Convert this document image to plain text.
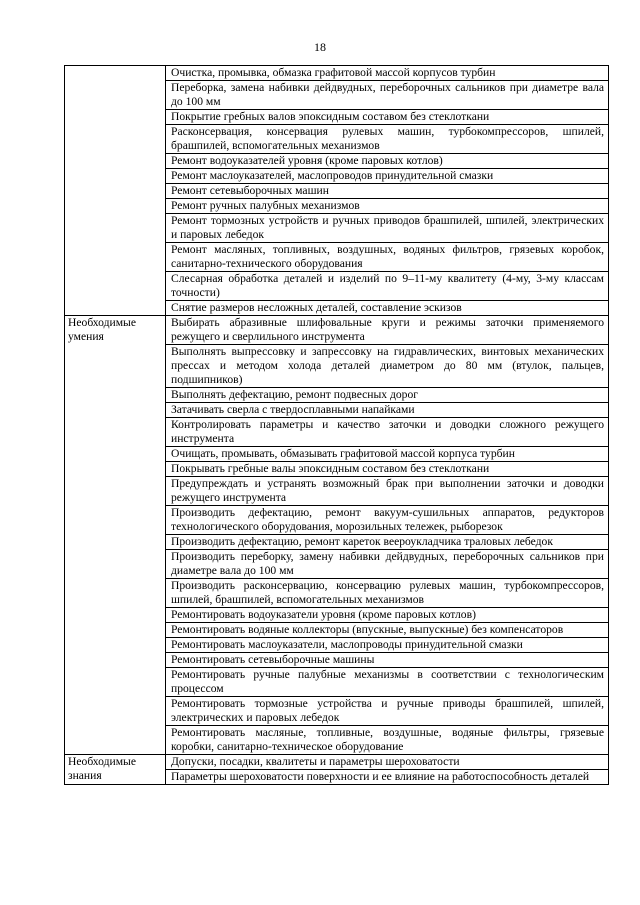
18
	Очистка, промывка, обмазка графитовой массой корпусов турбин
	Переборка, замена набивки дейдвудных, переборочных сальников при диаметре вала до 100 мм
	Покрытие гребных валов эпоксидным составом без стеклоткани
	Расконсервация, консервация рулевых машин, турбокомпрессоров, шпилей, брашпилей, вспомогательных механизмов
	Ремонт водоуказателей уровня (кроме паровых котлов)
	Ремонт маслоуказателей, маслопроводов принудительной смазки
	Ремонт сетевыборочных машин
	Ремонт ручных палубных механизмов
	Ремонт тормозных устройств и ручных приводов брашпилей, шпилей, электрических и паровых лебедок
	Ремонт масляных, топливных, воздушных, водяных фильтров, грязевых коробок, санитарно-технического оборудования
	Слесарная обработка деталей и изделий по 9–11-му квалитету (4-му, 3-му классам точности)
	Снятие размеров несложных деталей, составление эскизов
Необходимые умения	Выбирать абразивные шлифовальные круги и режимы заточки применяемого режущего и сверлильного инструмента
	Выполнять выпрессовку и запрессовку на гидравлических, винтовых механических прессах и методом холода деталей диаметром до 80 мм (втулок, пальцев, подшипников)
	Выполнять дефектацию, ремонт подвесных дорог
	Затачивать сверла с твердосплавными напайками
	Контролировать параметры и качество заточки и доводки сложного режущего инструмента
	Очищать, промывать, обмазывать графитовой массой корпуса турбин
	Покрывать гребные валы эпоксидным составом без стеклоткани
	Предупреждать и устранять возможный брак при выполнении заточки и доводки режущего инструмента
	Производить дефектацию, ремонт вакуум-сушильных аппаратов, редукторов технологического оборудования, морозильных тележек, рыборезок
	Производить дефектацию, ремонт кареток веероукладчика траловых лебедок
	Производить переборку, замену набивки дейдвудных, переборочных сальников при диаметре вала до 100 мм
	Производить расконсервацию, консервацию рулевых машин, турбокомпрессоров, шпилей, брашпилей, вспомогательных механизмов
	Ремонтировать водоуказатели уровня (кроме паровых котлов)
	Ремонтировать водяные коллекторы (впускные, выпускные) без компенсаторов
	Ремонтировать маслоуказатели, маслопроводы принудительной смазки
	Ремонтировать сетевыборочные машины
	Ремонтировать ручные палубные механизмы в соответствии с технологическим процессом
	Ремонтировать тормозные устройства и ручные приводы брашпилей, шпилей, электрических и паровых лебедок
	Ремонтировать масляные, топливные, воздушные, водяные фильтры, грязевые коробки, санитарно-техническое оборудование
Необходимые знания	Допуски, посадки, квалитеты и параметры шероховатости
	Параметры шероховатости поверхности и ее влияние на работоспособность деталей
